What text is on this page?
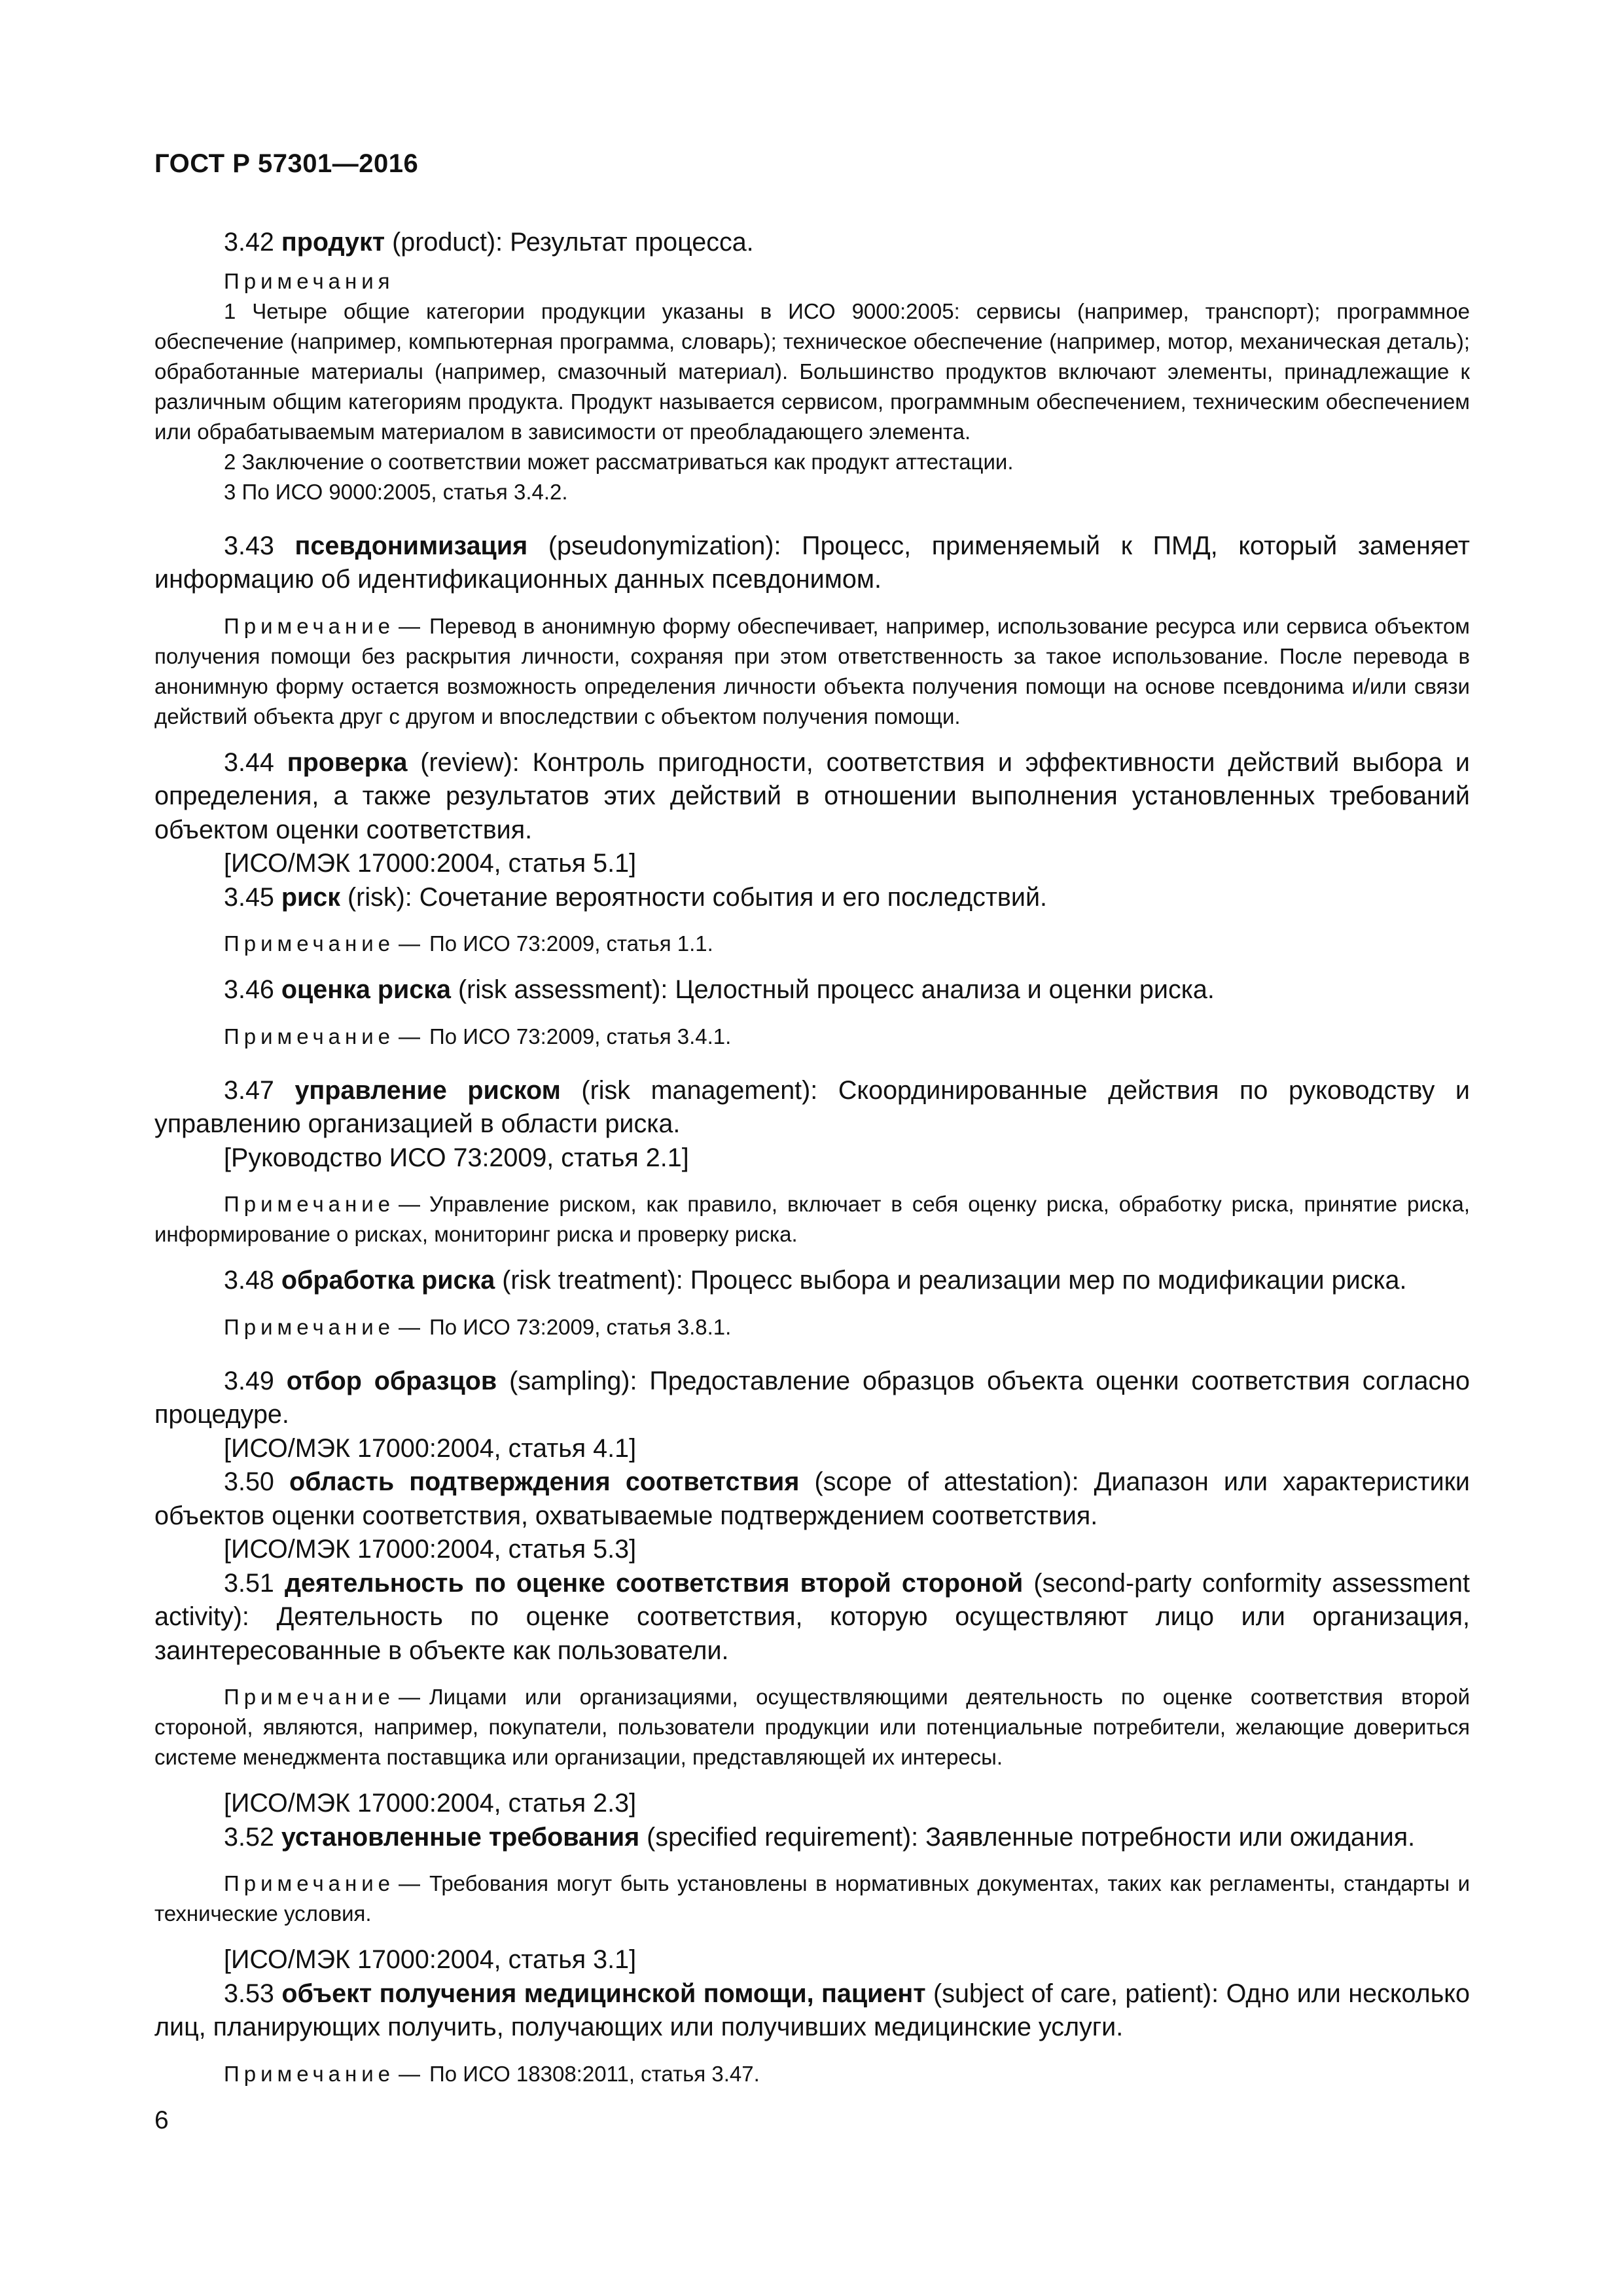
ГОСТ Р 57301—2016

3.42 продукт (product): Результат процесса.

Примечания

1 Четыре общие категории продукции указаны в ИСО 9000:2005: сервисы (например, транспорт); программное обеспечение (например, компьютерная программа, словарь); техническое обеспечение (например, мотор, механическая деталь); обработанные материалы (например, смазочный материал). Большинство продуктов включают элементы, принадлежащие к различным общим категориям продукта. Продукт называется сервисом, программным обеспечением, техническим обеспечением или обрабатываемым материалом в зависимости от преобладающего элемента.

2 Заключение о соответствии может рассматриваться как продукт аттестации.

3 По ИСО 9000:2005, статья 3.4.2.

3.43 псевдонимизация (pseudonymization): Процесс, применяемый к ПМД, который заменяет информацию об идентификационных данных псевдонимом.

Примечание — Перевод в анонимную форму обеспечивает, например, использование ресурса или сервиса объектом получения помощи без раскрытия личности, сохраняя при этом ответственность за такое использование. После перевода в анонимную форму остается возможность определения личности объекта получения помощи на основе псевдонима и/или связи действий объекта друг с другом и впоследствии с объектом получения помощи.

3.44 проверка (review): Контроль пригодности, соответствия и эффективности действий выбора и определения, а также результатов этих действий в отношении выполнения установленных требований объектом оценки соответствия.

[ИСО/МЭК 17000:2004, статья 5.1]

3.45 риск (risk): Сочетание вероятности события и его последствий.

Примечание — По ИСО 73:2009, статья 1.1.

3.46 оценка риска (risk assessment): Целостный процесс анализа и оценки риска.

Примечание — По ИСО 73:2009, статья 3.4.1.

3.47 управление риском (risk management): Скоординированные действия по руководству и управлению организацией в области риска.

[Руководство ИСО 73:2009, статья 2.1]

Примечание — Управление риском, как правило, включает в себя оценку риска, обработку риска, принятие риска, информирование о рисках, мониторинг риска и проверку риска.

3.48 обработка риска (risk treatment): Процесс выбора и реализации мер по модификации риска.

Примечание — По ИСО 73:2009, статья 3.8.1.

3.49 отбор образцов (sampling): Предоставление образцов объекта оценки соответствия согласно процедуре.

[ИСО/МЭК 17000:2004, статья 4.1]

3.50 область подтверждения соответствия (scope of attestation): Диапазон или характеристики объектов оценки соответствия, охватываемые подтверждением соответствия.

[ИСО/МЭК 17000:2004, статья 5.3]

3.51 деятельность по оценке соответствия второй стороной (second-party conformity assessment activity): Деятельность по оценке соответствия, которую осуществляют лицо или организация, заинтересованные в объекте как пользователи.

Примечание — Лицами или организациями, осуществляющими деятельность по оценке соответствия второй стороной, являются, например, покупатели, пользователи продукции или потенциальные потребители, желающие довериться системе менеджмента поставщика или организации, представляющей их интересы.

[ИСО/МЭК 17000:2004, статья 2.3]

3.52 установленные требования (specified requirement): Заявленные потребности или ожидания.

Примечание — Требования могут быть установлены в нормативных документах, таких как регламенты, стандарты и технические условия.

[ИСО/МЭК 17000:2004, статья 3.1]

3.53 объект получения медицинской помощи, пациент (subject of care, patient): Одно или несколько лиц, планирующих получить, получающих или получивших медицинские услуги.

Примечание — По ИСО 18308:2011, статья 3.47.

6
